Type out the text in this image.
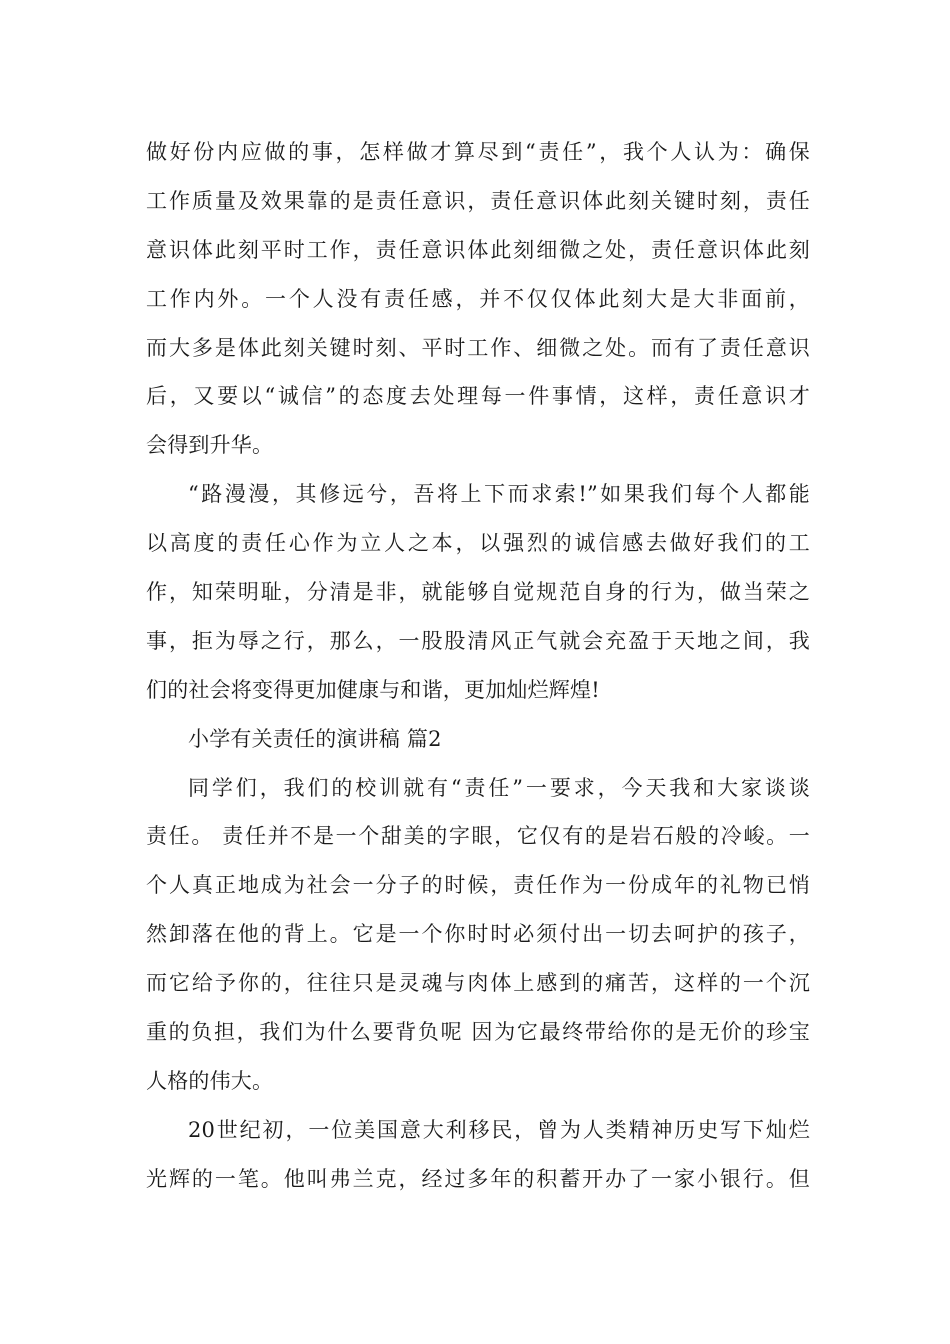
做好份内应做的事，怎样做才算尽到“责任”，我个人认为：确保
工作质量及效果靠的是责任意识，责任意识体此刻关键时刻，责任
意识体此刻平时工作，责任意识体此刻细微之处，责任意识体此刻
工作内外。一个人没有责任感，并不仅仅体此刻大是大非面前，
而大多是体此刻关键时刻、平时工作、细微之处。而有了责任意识
后，又要以“诚信”的态度去处理每一件事情，这样，责任意识才
会得到升华。
“路漫漫，其修远兮，吾将上下而求索!”如果我们每个人都能
以高度的责任心作为立人之本，以强烈的诚信感去做好我们的工
作，知荣明耻，分清是非，就能够自觉规范自身的行为，做当荣之
事，拒为辱之行，那么，一股股清风正气就会充盈于天地之间，我
们的社会将变得更加健康与和谐，更加灿烂辉煌!
小学有关责任的演讲稿 篇2
同学们，我们的校训就有“责任”一要求，今天我和大家谈谈
责任。 责任并不是一个甜美的字眼，它仅有的是岩石般的冷峻。一
个人真正地成为社会一分子的时候，责任作为一份成年的礼物已悄
然卸落在他的背上。它是一个你时时必须付出一切去呵护的孩子，
而它给予你的，往往只是灵魂与肉体上感到的痛苦，这样的一个沉
重的负担，我们为什么要背负呢 因为它最终带给你的是无价的珍宝
人格的伟大。
20世纪初，一位美国意大利移民，曾为人类精神历史写下灿烂
光辉的一笔。他叫弗兰克，经过多年的积蓄开办了一家小银行。但
